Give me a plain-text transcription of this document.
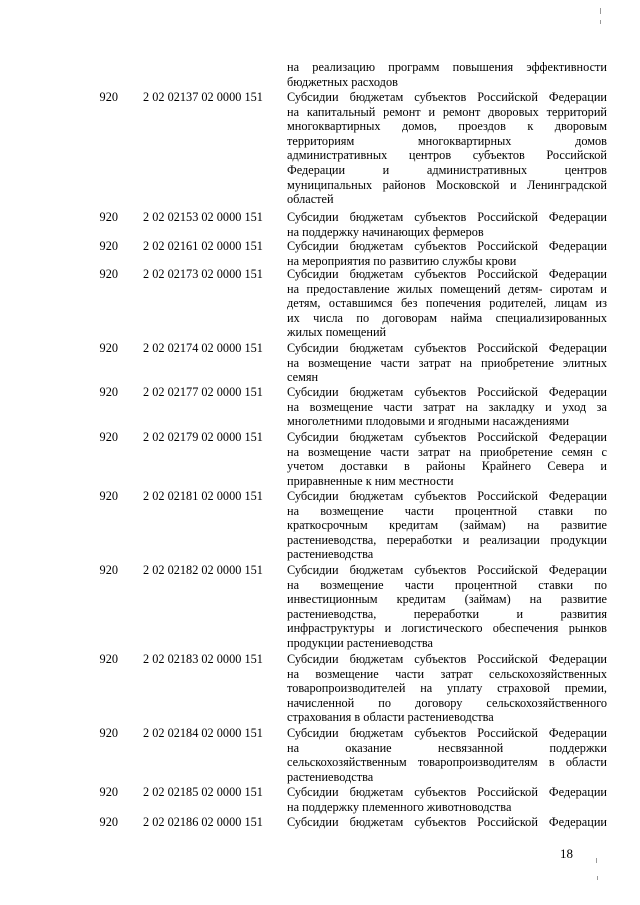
на реализацию программ повышения эффективности
бюджетных расходов
920 2 02 02137 02 0000 151	Субсидии бюджетам субъектов Российской Федерации
на капитальный ремонт и ремонт дворовых территорий
многоквартирных домов, проездов к дворовым
территориям многоквартирных домов
административных центров субъектов Российской
Федерации и административных центров
муниципальных районов Московской и Ленинградской
областей
920 2 02 02153 02 0000 151	Субсидии бюджетам субъектов Российской Федерации
на поддержку начинающих фермеров
920 2 02 02161 02 0000 151	Субсидии бюджетам субъектов Российской Федерации
на мероприятия по развитию службы крови
920 2 02 02173 02 0000 151	Субсидии бюджетам субъектов Российской Федерации
на предоставление жилых помещений детям- сиротам и
детям, оставшимся без попечения родителей, лицам из
их числа по договорам найма специализированных
жилых помещений
920 2 02 02174 02 0000 151	Субсидии бюджетам субъектов Российской Федерации
на возмещение части затрат на приобретение элитных
семян
920 2 02 02177 02 0000 151	Субсидии бюджетам субъектов Российской Федерации
на возмещение части затрат на закладку и уход за
многолетними плодовыми и ягодными насаждениями
920 2 02 02179 02 0000 151	Субсидии бюджетам субъектов Российской Федерации
на возмещение части затрат на приобретение семян с
учетом доставки в районы Крайнего Севера и
приравненные к ним местности
920 2 02 02181 02 0000 151	Субсидии бюджетам субъектов Российской Федерации
на возмещение части процентной ставки по
краткосрочным кредитам (займам) на развитие
растениеводства, переработки и реализации продукции
растениеводства
920 2 02 02182 02 0000 151	Субсидии бюджетам субъектов Российской Федерации
на возмещение части процентной ставки по
инвестиционным кредитам (займам) на развитие
растениеводства, переработки и развития
инфраструктуры и логистического обеспечения рынков
продукции растениеводства
920 2 02 02183 02 0000 151	Субсидии бюджетам субъектов Российской Федерации
на возмещение части затрат сельскохозяйственных
товаропроизводителей на уплату страховой премии,
начисленной по договору сельскохозяйственного
страхования в области растениеводства
920 2 02 02184 02 0000 151	Субсидии бюджетам субъектов Российской Федерации
на оказание несвязанной поддержки
сельскохозяйственным товаропроизводителям в области
растениеводства
920 2 02 02185 02 0000 151	Субсидии бюджетам субъектов Российской Федерации
на поддержку племенного животноводства
920 2 02 02186 02 0000 151	Субсидии бюджетам субъектов Российской Федерации
18
